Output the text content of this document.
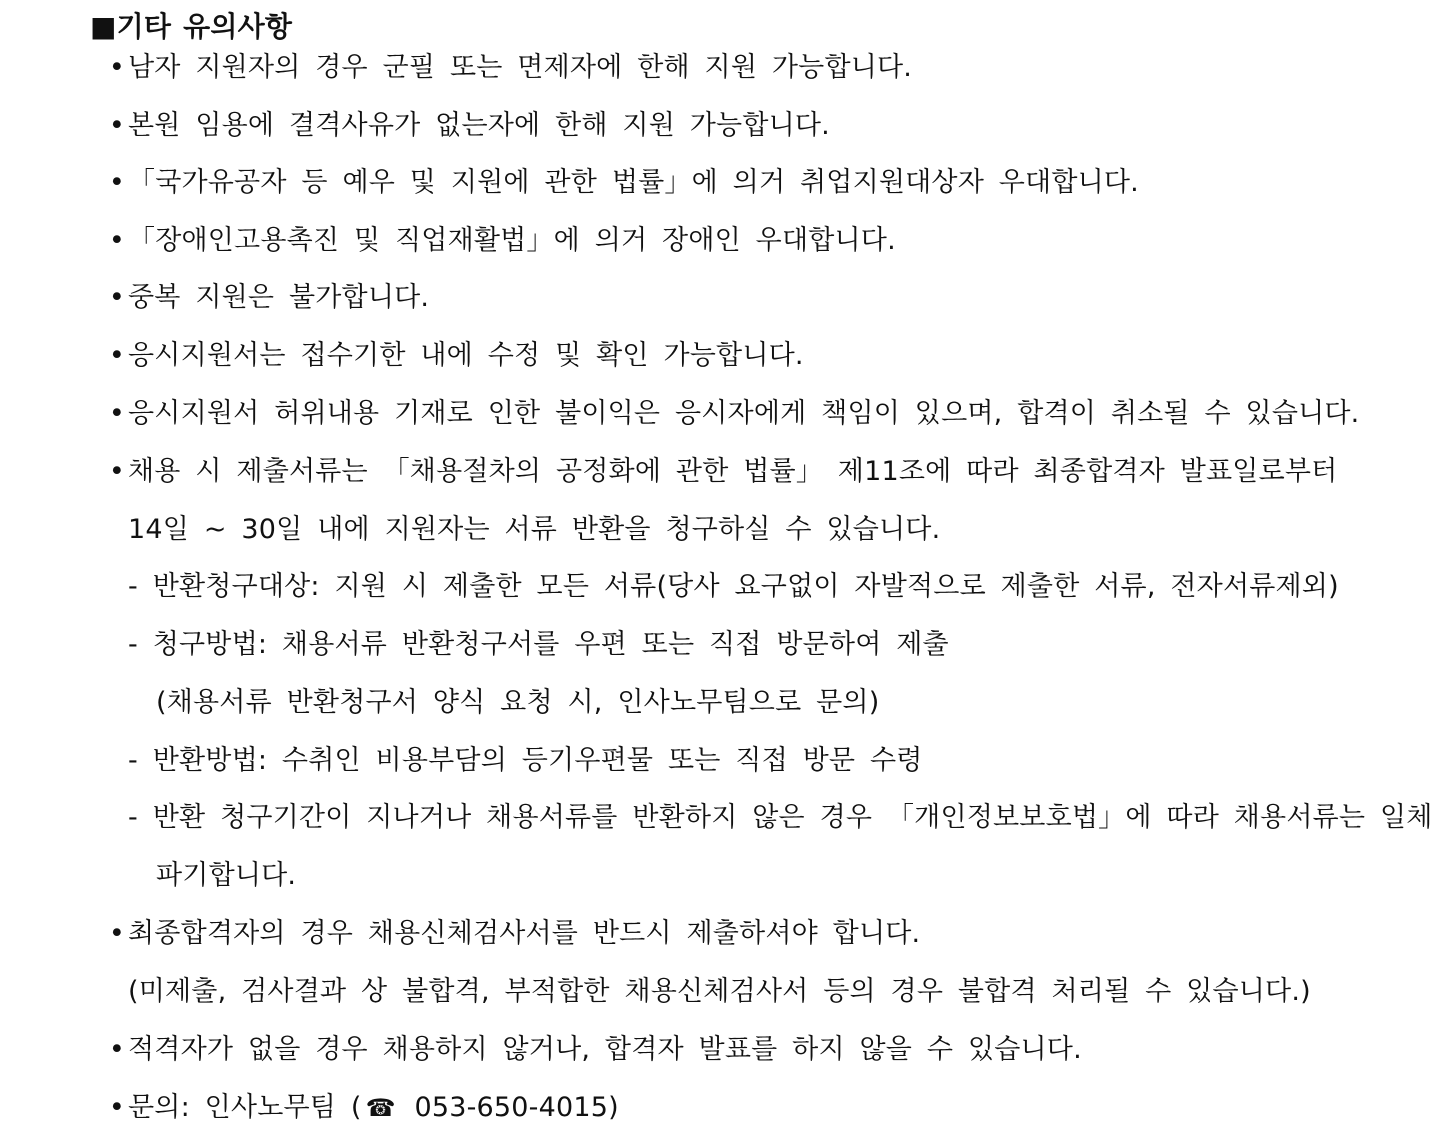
■기타 유의사항
• 남자 지원자의 경우 군필 또는 면제자에 한해 지원 가능합니다.
• 본원 임용에 결격사유가 없는자에 한해 지원 가능합니다.
• 「국가유공자 등 예우 및 지원에 관한 법률」에 의거 취업지원대상자 우대합니다.
• 「장애인고용촉진 및 직업재활법」에 의거 장애인 우대합니다.
• 중복 지원은 불가합니다.
• 응시지원서는 접수기한 내에 수정 및 확인 가능합니다.
• 응시지원서 허위내용 기재로 인한 불이익은 응시자에게 책임이 있으며, 합격이 취소될 수 있습니다.
• 채용 시 제출서류는 「채용절차의 공정화에 관한 법률」 제11조에 따라 최종합격자 발표일로부터
14일 ~ 30일 내에 지원자는 서류 반환을 청구하실 수 있습니다.
- 반환청구대상: 지원 시 제출한 모든 서류(당사 요구없이 자발적으로 제출한 서류, 전자서류제외)
- 청구방법: 채용서류 반환청구서를 우편 또는 직접 방문하여 제출
(채용서류 반환청구서 양식 요청 시, 인사노무팀으로 문의)
- 반환방법: 수취인 비용부담의 등기우편물 또는 직접 방문 수령
- 반환 청구기간이 지나거나 채용서류를 반환하지 않은 경우 「개인정보보호법」에 따라 채용서류는 일체
파기합니다.
• 최종합격자의 경우 채용신체검사서를 반드시 제출하셔야 합니다.
(미제출, 검사결과 상 불합격, 부적합한 채용신체검사서 등의 경우 불합격 처리될 수 있습니다.)
• 적격자가 없을 경우 채용하지 않거나, 합격자 발표를 하지 않을 수 있습니다.
• 문의: 인사노무팀 ( ☎ 053-650-4015)
